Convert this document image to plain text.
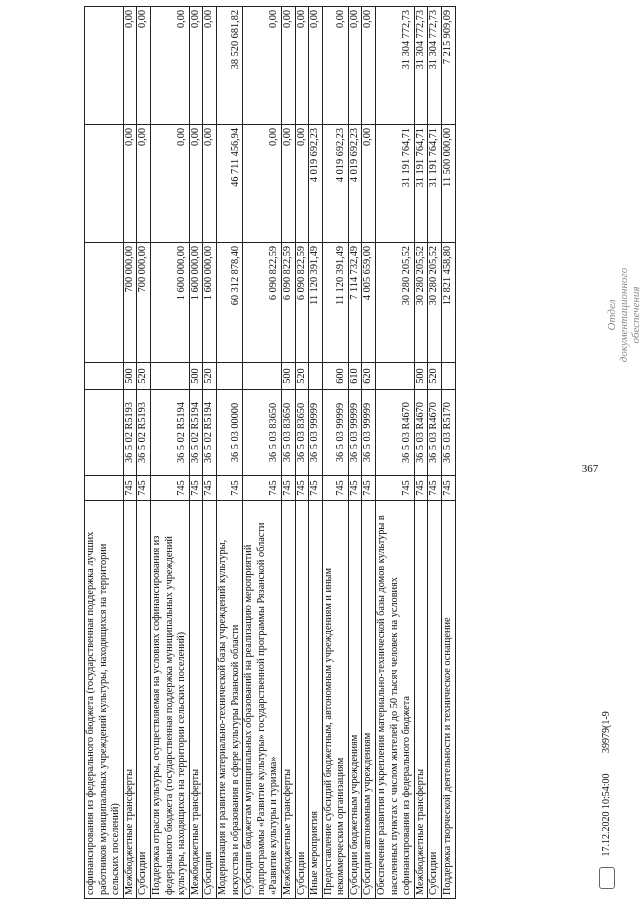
367
софинансирования из федерального бюджета (государственная поддержка лучших работников муниципальных учреждений культуры, находящихся на территории сельских поселений)						
Межбюджетные трансферты	745	36 5 02 R5193	500	700 000,00	0,00	0,00
Субсидии	745	36 5 02 R5193	520	700 000,00	0,00	0,00
Поддержка отрасли культуры, осуществляемая на условиях софинансирования из федерального бюджета (государственная поддержка муниципальных учреждений культуры, находящихся на территории сельских поселений)	745	36 5 02 R5194		1 600 000,00	0,00	0,00
Межбюджетные трансферты	745	36 5 02 R5194	500	1 600 000,00	0,00	0,00
Субсидии	745	36 5 02 R5194	520	1 600 000,00	0,00	0,00
Модернизация и развитие материально-технической базы учреждений культуры, искусства и образования в сфере культуры Рязанской области	745	36 5 03 00000		60 312 878,40	46 711 456,94	38 520 681,82
Субсидии бюджетам муниципальных образований на реализацию мероприятий подпрограммы «Развитие культуры» государственной программы Рязанской области «Развитие культуры и туризма»	745	36 5 03 83650		6 090 822,59	0,00	0,00
Межбюджетные трансферты	745	36 5 03 83650	500	6 090 822,59	0,00	0,00
Субсидии	745	36 5 03 83650	520	6 090 822,59	0,00	0,00
Иные мероприятия	745	36 5 03 99999		11 120 391,49	4 019 692,23	0,00
Предоставление субсидий бюджетным, автономным учреждениям и иным некоммерческим организациям	745	36 5 03 99999	600	11 120 391,49	4 019 692,23	0,00
Субсидии бюджетным учреждениям	745	36 5 03 99999	610	7 114 732,49	4 019 692,23	0,00
Субсидии автономным учреждениям	745	36 5 03 99999	620	4 005 659,00	0,00	0,00
Обеспечение развития и укрепления материально-технической базы домов культуры в населенных пунктах с числом жителей до 50 тысяч человек на условиях софинансирования из федерального бюджета	745	36 5 03 R4670		30 280 205,52	31 191 764,71	31 304 772,73
Межбюджетные трансферты	745	36 5 03 R4670	500	30 280 205,52	31 191 764,71	31 304 772,73
Субсидии	745	36 5 03 R4670	520	30 280 205,52	31 191 764,71	31 304 772,73
Поддержка творческой деятельности и техническое оснащение	745	36 5 03 R5170		12 821 458,80	11 500 000,00	7 215 909,09
17.12.2020 10:54:00 39979(1-9
Отдел документационного обеспечения
